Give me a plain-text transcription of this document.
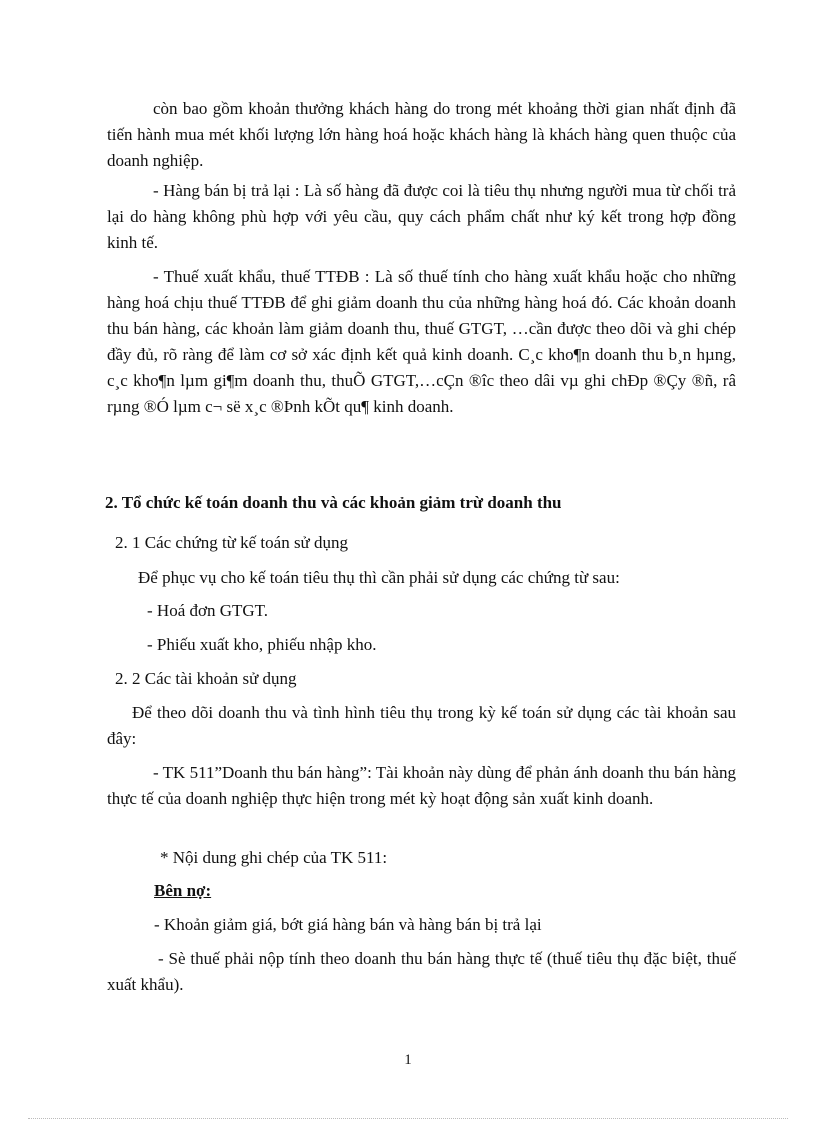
còn bao gồm khoản thưởng khách hàng do trong mét khoảng thời gian nhất định đã tiến hành mua mét khối lượng lớn hàng hoá hoặc khách hàng là khách hàng quen thuộc của doanh nghiệp.

- Hàng bán bị trả lại : Là số hàng đã được coi là tiêu thụ nhưng người mua từ chối trả lại do hàng không phù hợp với yêu cầu, quy cách phẩm chất như ký kết trong hợp đồng kinh tế.

- Thuế xuất khẩu, thuế TTĐB : Là số thuế tính cho hàng xuất khẩu hoặc cho những hàng hoá chịu thuế TTĐB để ghi giảm doanh thu của những hàng hoá đó. Các khoản doanh thu bán hàng, các khoản làm giảm doanh thu, thuế GTGT, …cần được theo dõi và ghi chép đầy đủ, rõ ràng để làm cơ sở xác định kết quả kinh doanh. C¸c kho¶n doanh thu b¸n hµng, c¸c kho¶n lµm gi¶m doanh thu, thuÕ GTGT,…cÇn ®îc theo dâi vµ ghi chÐp ®Çy ®ñ, râ rµng ®Ó lµm c¬ së x¸c ®Þnh kÕt qu¶ kinh doanh.

2. Tổ chức kế toán doanh thu và các khoản giảm trừ doanh thu

2. 1 Các chứng từ kế toán sử dụng

Để phục vụ cho kế toán tiêu thụ thì cần phải sử dụng các chứng từ sau:

- Hoá đơn GTGT.

- Phiếu xuất kho, phiếu nhập kho.

2. 2 Các tài khoản sử dụng

Để theo dõi doanh thu và tình hình tiêu thụ trong kỳ kế toán sử dụng các tài khoản sau đây:

- TK 511”Doanh thu bán hàng”: Tài khoản này dùng để phản ánh doanh thu bán hàng thực tế của doanh nghiệp thực hiện trong mét kỳ hoạt động sản xuất kinh doanh.

* Nội dung ghi chép của TK 511:

Bên nợ:

- Khoản giảm giá, bớt giá hàng bán và hàng bán bị trả lại

- Sè thuế phải nộp tính theo doanh thu bán hàng thực tế (thuế tiêu thụ đặc biệt, thuế xuất khẩu).

1
